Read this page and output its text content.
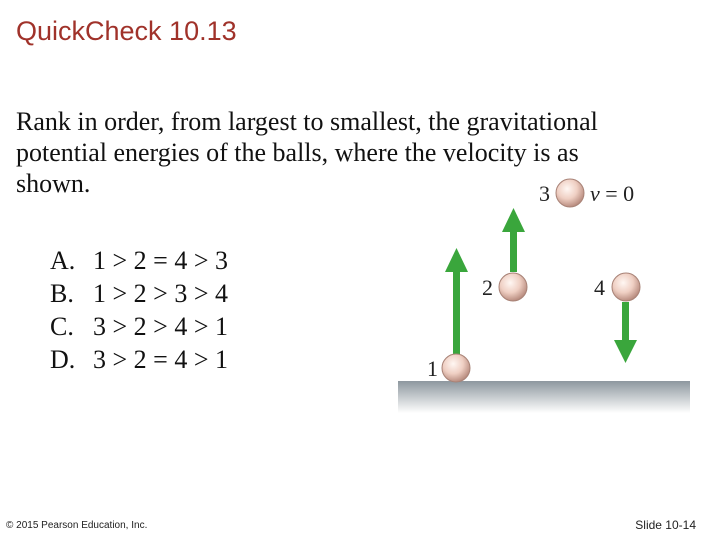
QuickCheck 10.13
Rank in order, from largest to smallest, the gravitational potential energies of the balls, where the velocity is as shown.
A. 1 > 2 = 4 > 3
B. 1 > 2 > 3 > 4
C. 3 > 2 > 4 > 1
D. 3 > 2 = 4 > 1	1
2
3
4
v = 0
© 2015 Pearson Education, Inc.	Slide 10-14
